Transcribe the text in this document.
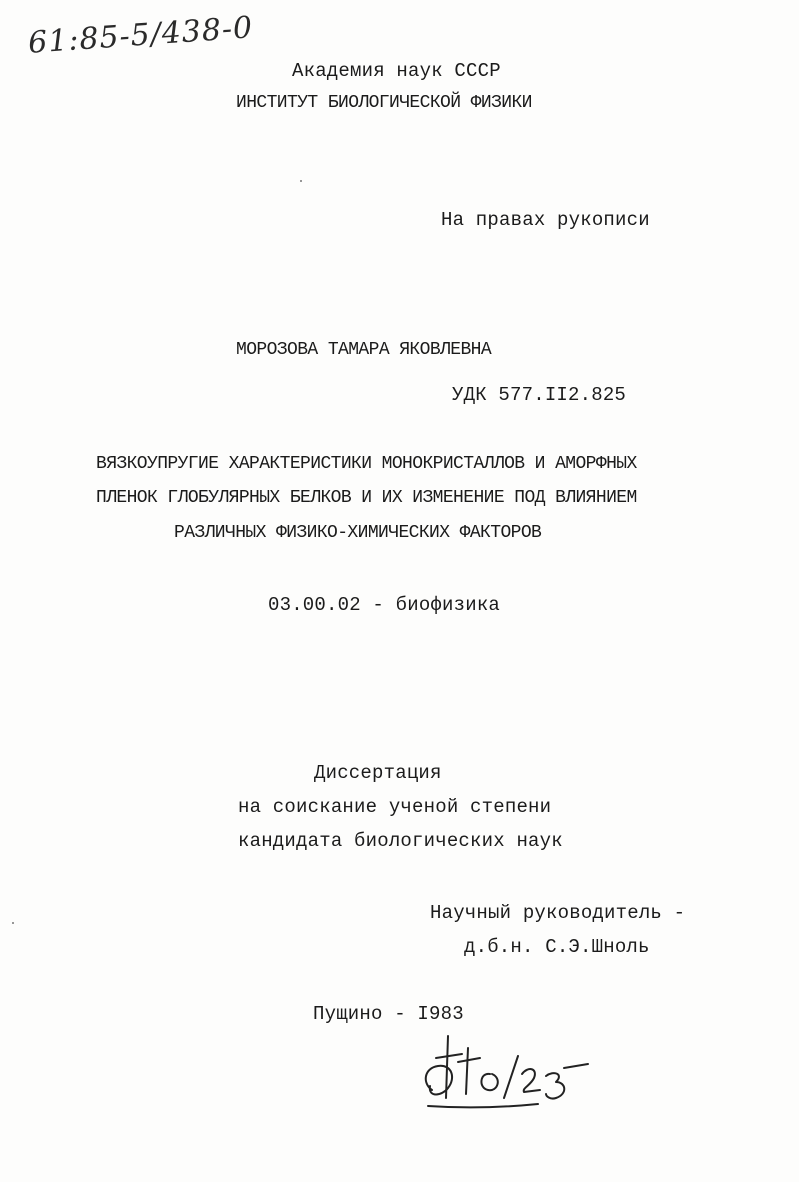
61:85-5/438-0
Академия наук СССР
ИНСТИТУТ БИОЛОГИЧЕСКОЙ ФИЗИКИ
На правах рукописи
МОРОЗОВА ТАМАРА ЯКОВЛЕВНА
УДК 577.II2.825
ВЯЗКОУПРУГИЕ ХАРАКТЕРИСТИКИ МОНОКРИСТАЛЛОВ И АМОРФНЫХ
ПЛЕНОК ГЛОБУЛЯРНЫХ БЕЛКОВ И ИХ ИЗМЕНЕНИЕ ПОД ВЛИЯНИЕМ
РАЗЛИЧНЫХ ФИЗИКО-ХИМИЧЕСКИХ ФАКТОРОВ
03.00.02 - биофизика
Диссертация
на соискание ученой степени
кандидата биологических наук
Научный руководитель -
д.б.н. С.Э.Шноль
Пущино - I983
